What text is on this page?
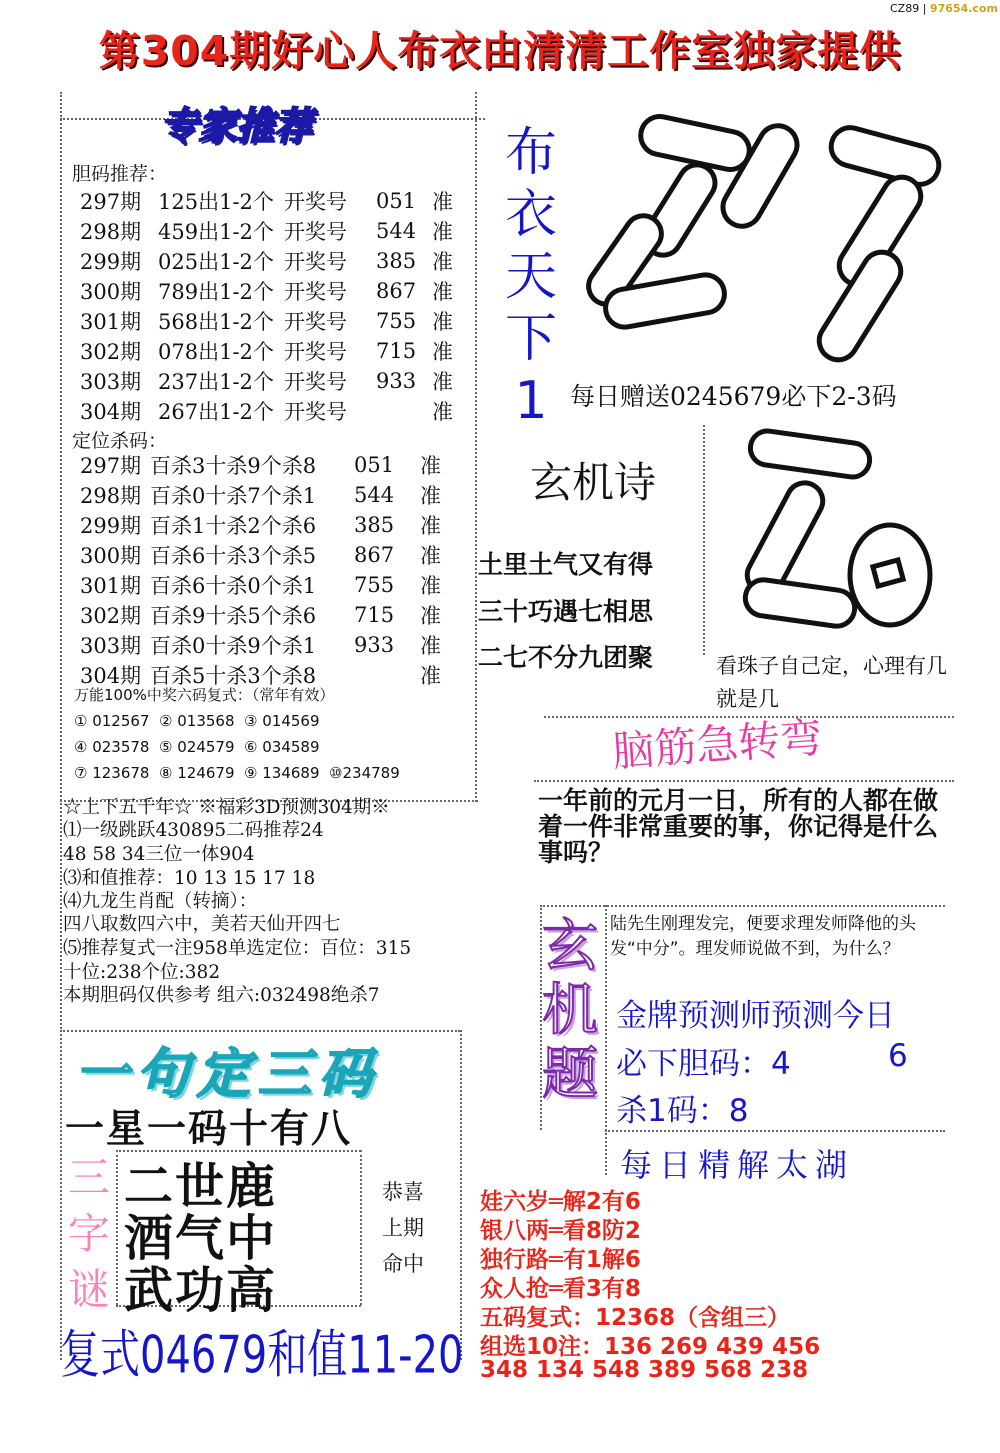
CZ89 | 97654.com
第304期好心人布衣由清清工作室独家提供
专家推荐
胆码推荐：
297期	125出1-2个	开奖号	051	准
298期	459出1-2个	开奖号	544	准
299期	025出1-2个	开奖号	385	准
300期	789出1-2个	开奖号	867	准
301期	568出1-2个	开奖号	755	准
302期	078出1-2个	开奖号	715	准
303期	237出1-2个	开奖号	933	准
304期	267出1-2个	开奖号		准
定位杀码：
297期	百杀3十杀9个杀8	051	准
298期	百杀0十杀7个杀1	544	准
299期	百杀1十杀2个杀6	385	准
300期	百杀6十杀3个杀5	867	准
301期	百杀6十杀0个杀1	755	准
302期	百杀9十杀5个杀6	715	准
303期	百杀0十杀9个杀1	933	准
304期	百杀5十杀3个杀8		准
万能100%中奖六码复式：（常年有效）
① 012567  ② 013568  ③ 014569
④ 023578  ⑤ 024579  ⑥ 034589
⑦ 123678  ⑧ 124679  ⑨ 134689  ⑩234789
☆上下五千年☆ ※福彩3D预测304期※
⑴一级跳跃430895二码推荐24
48 58 34三位一体904
⑶和值推荐：10 13 15 17 18
⑷九龙生肖配（转摘）：
四八取数四六中，美若天仙开四七
⑸推荐复式一注958单选定位：百位：315
十位:238个位:382
本期胆码仅供参考 组六:032498绝杀7
布
衣
天
下
1 每日赠送0245679必下2-3码
玄机诗
土里土气又有得
三十巧遇七相思
二七不分九团聚	看珠子自己定，心理有几就是几
脑筋急转弯
一年前的元月一日，所有的人都在做着一件非常重要的事，你记得是什么事吗？
玄
机
题
陆先生刚理发完，便要求理发师降他的头发“中分”。理发师说做不到，为什么？
金牌预测师预测今日
必下胆码：4	6
杀1码：8
每日精解太湖
娃六岁═解2有6
银八两═看8防2
独行路═有1解6
众人抢═看3有8
五码复式：12368（含组三）
组选10注：136 269 439 456
348 134 548 389 568 238
一句定三码
一星一码十有八
三
字
谜
二世鹿
酒气中
武功高
恭喜
上期
命中
复式04679和值11-20
